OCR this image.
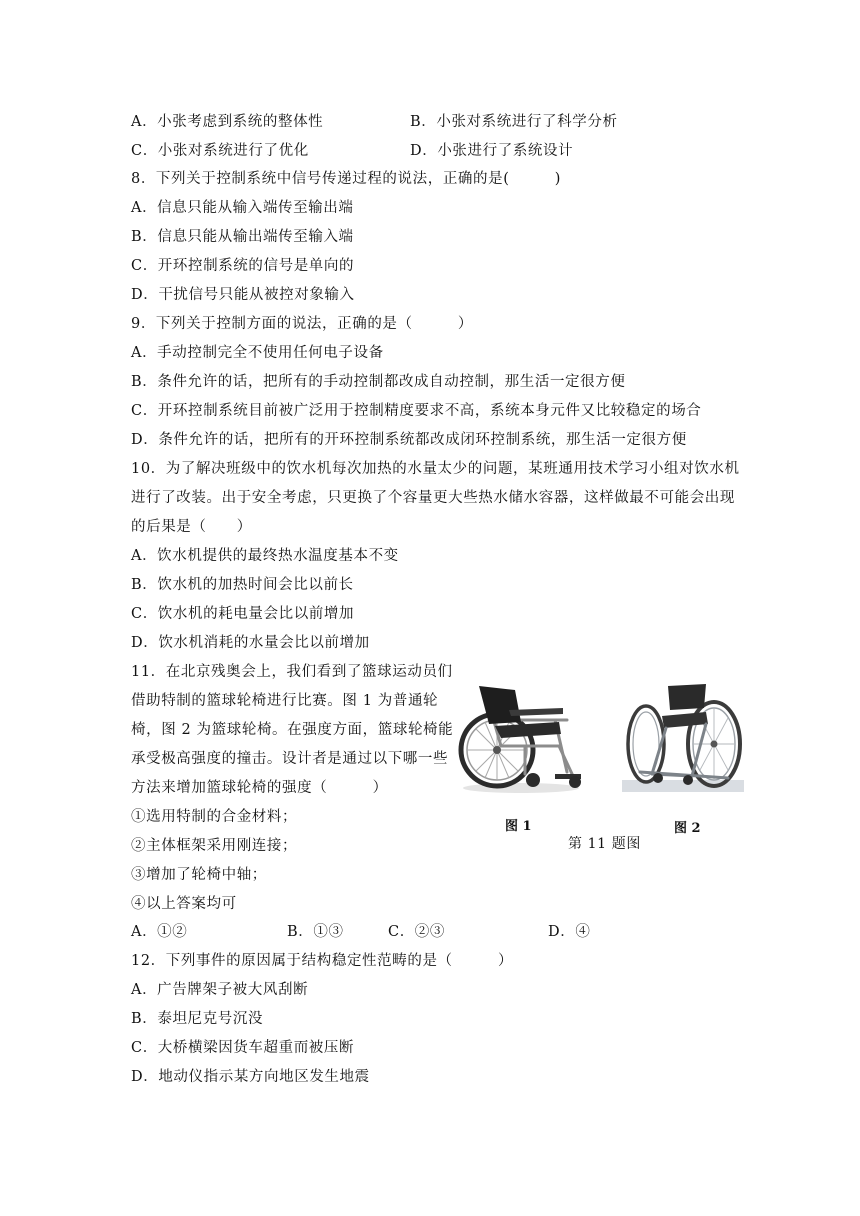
A．小张考虑到系统的整体性	B．小张对系统进行了科学分析
C．小张对系统进行了优化	D．小张进行了系统设计
8．下列关于控制系统中信号传递过程的说法，正确的是(　　　)
A．信息只能从输入端传至输出端
B．信息只能从输出端传至输入端
C．开环控制系统的信号是单向的
D．干扰信号只能从被控对象输入
9．下列关于控制方面的说法，正确的是（　　　）
A．手动控制完全不使用任何电子设备
B．条件允许的话，把所有的手动控制都改成自动控制，那生活一定很方便
C．开环控制系统目前被广泛用于控制精度要求不高，系统本身元件又比较稳定的场合
D．条件允许的话，把所有的开环控制系统都改成闭环控制系统，那生活一定很方便
10．为了解决班级中的饮水机每次加热的水量太少的问题，某班通用技术学习小组对饮水机
进行了改装。出于安全考虑，只更换了个容量更大些热水储水容器，这样做最不可能会出现
的后果是（　　）
A．饮水机提供的最终热水温度基本不变
B．饮水机的加热时间会比以前长
C．饮水机的耗电量会比以前增加
D．饮水机消耗的水量会比以前增加
11．在北京残奥会上，我们看到了篮球运动员们
借助特制的篮球轮椅进行比赛。图 1 为普通轮
椅，图 2 为篮球轮椅。在强度方面，篮球轮椅能
承受极高强度的撞击。设计者是通过以下哪一些
方法来增加篮球轮椅的强度（　　　）
①选用特制的合金材料；
②主体框架采用刚连接；
③增加了轮椅中轴；
④以上答案均可
A．①②	B．①③	C．②③	D．④
图 1	图 2
第 11 题图
12．下列事件的原因属于结构稳定性范畴的是（　　　）
A．广告牌架子被大风刮断
B．泰坦尼克号沉没
C．大桥横梁因货车超重而被压断
D．地动仪指示某方向地区发生地震
